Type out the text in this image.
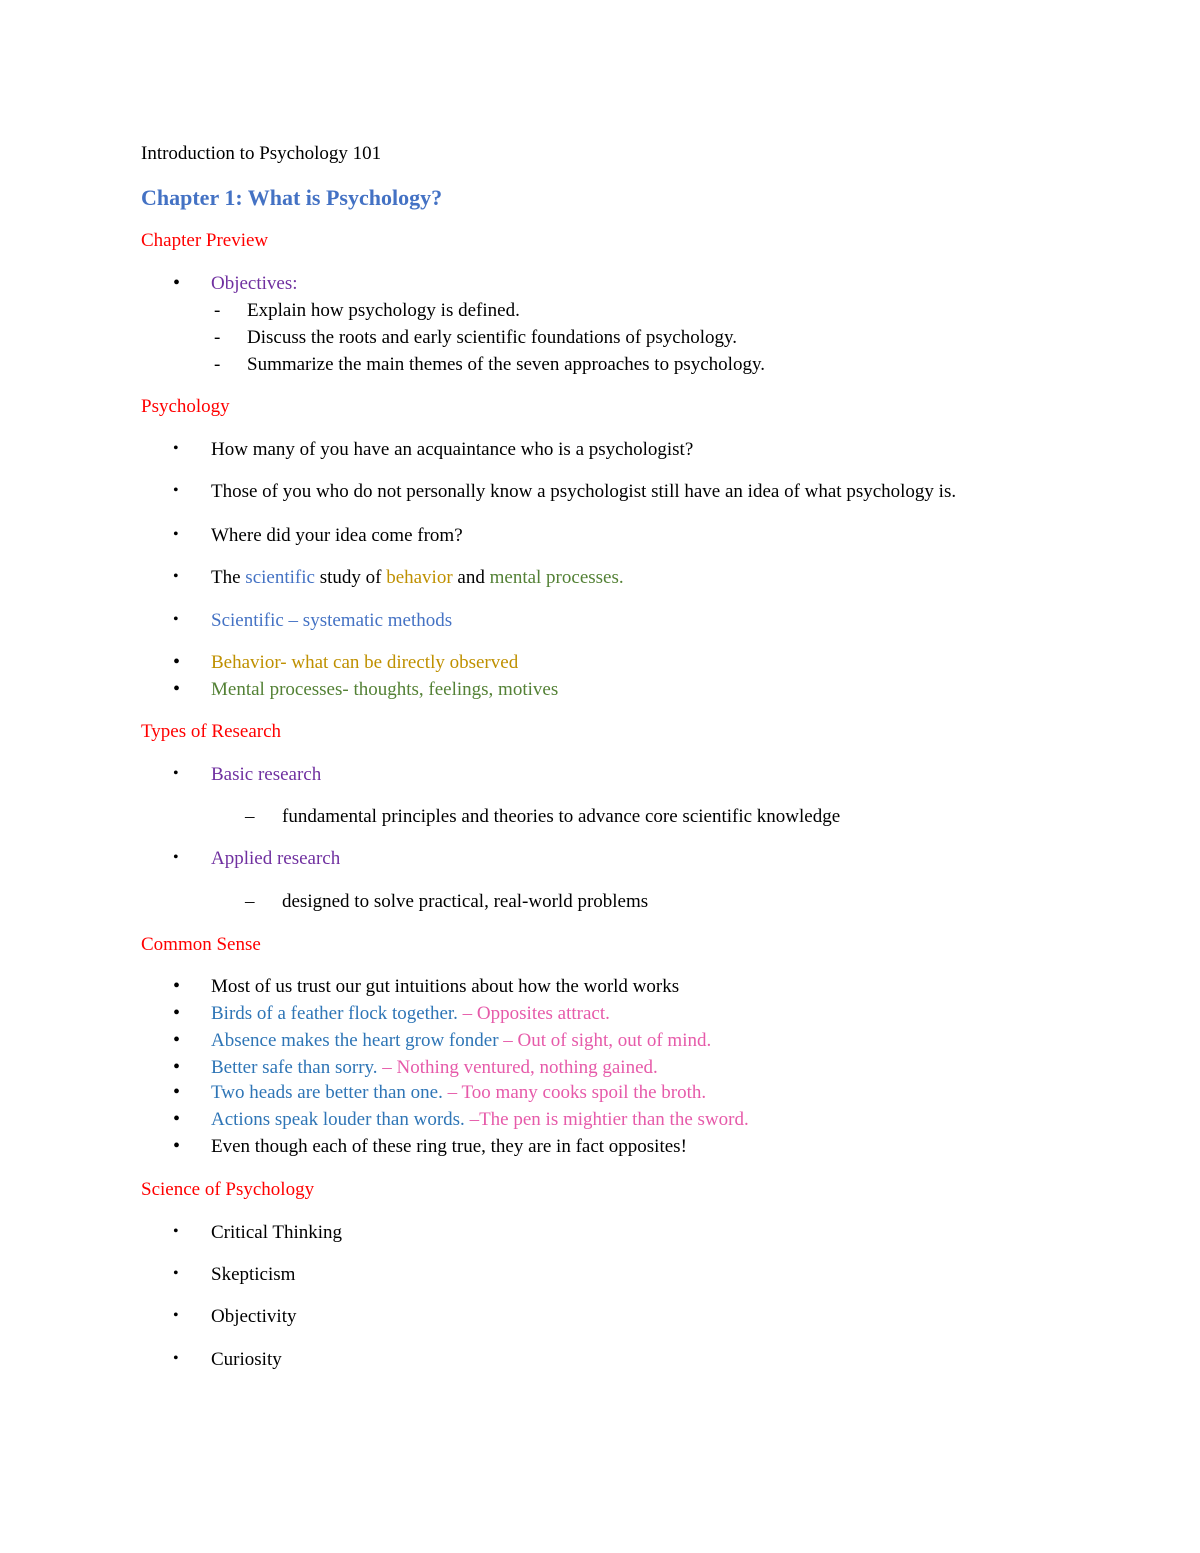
Introduction to Psychology 101
Chapter 1: What is Psychology?
Chapter Preview
• Objectives:
- Explain how psychology is defined.
- Discuss the roots and early scientific foundations of psychology.
- Summarize the main themes of the seven approaches to psychology.
Psychology
• How many of you have an acquaintance who is a psychologist?
• Those of you who do not personally know a psychologist still have an idea of what psychology is.
• Where did your idea come from?
• The scientific study of behavior and mental processes.
• Scientific – systematic methods
• Behavior- what can be directly observed
• Mental processes- thoughts, feelings, motives
Types of Research
• Basic research
– fundamental principles and theories to advance core scientific knowledge
• Applied research
– designed to solve practical, real-world problems
Common Sense
• Most of us trust our gut intuitions about how the world works
• Birds of a feather flock together. – Opposites attract.
• Absence makes the heart grow fonder – Out of sight, out of mind.
• Better safe than sorry. – Nothing ventured, nothing gained.
• Two heads are better than one. – Too many cooks spoil the broth.
• Actions speak louder than words. –The pen is mightier than the sword.
• Even though each of these ring true, they are in fact opposites!
Science of Psychology
• Critical Thinking
• Skepticism
• Objectivity
• Curiosity
